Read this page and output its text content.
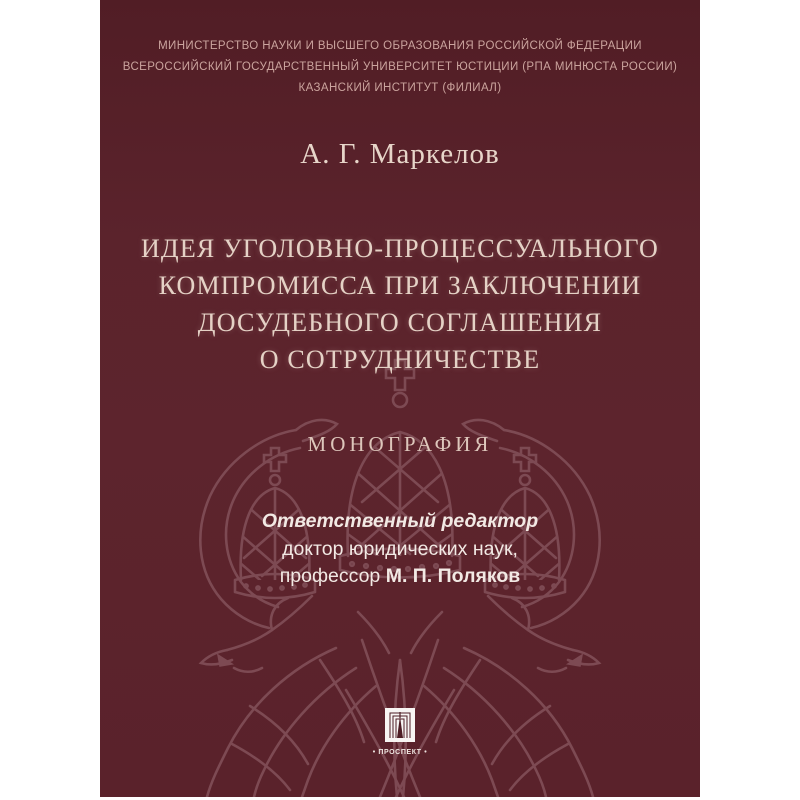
МИНИСТЕРСТВО НАУКИ И ВЫСШЕГО ОБРАЗОВАНИЯ РОССИЙСКОЙ ФЕДЕРАЦИИ
ВСЕРОССИЙСКИЙ ГОСУДАРСТВЕННЫЙ УНИВЕРСИТЕТ ЮСТИЦИИ (РПА МИНЮСТА РОССИИ)
КАЗАНСКИЙ ИНСТИТУТ (ФИЛИАЛ)
А. Г. Маркелов
ИДЕЯ УГОЛОВНО-ПРОЦЕССУАЛЬНОГО
КОМПРОМИССА ПРИ ЗАКЛЮЧЕНИИ
ДОСУДЕБНОГО СОГЛАШЕНИЯ
О СОТРУДНИЧЕСТВЕ
МОНОГРАФИЯ
Ответственный редактор
доктор юридических наук,
профессор М. П. Поляков
• ПРОСПЕКТ •
